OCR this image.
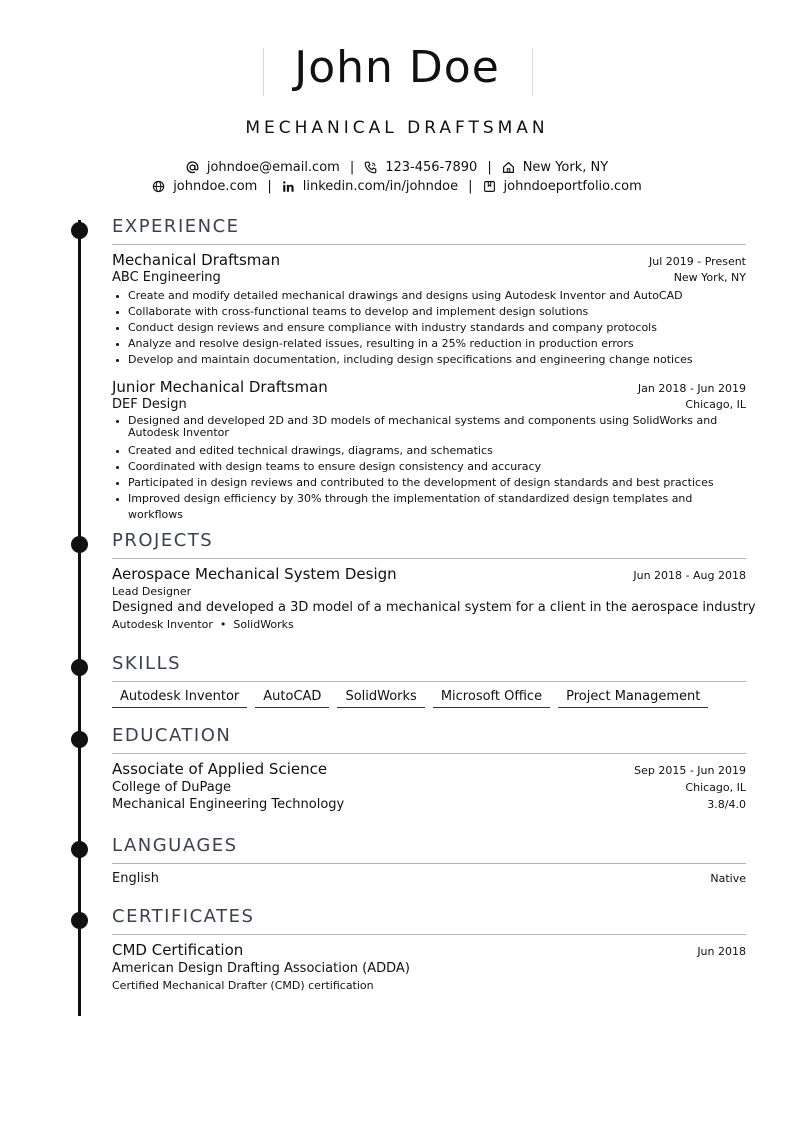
John Doe
MECHANICAL DRAFTSMAN
johndoe@email.com | 123-456-7890 | New York, NY
johndoe.com | linkedin.com/in/johndoe | johndoeportfolio.com
EXPERIENCE
Mechanical Draftsman	Jul 2019 - Present
ABC Engineering	New York, NY
• Create and modify detailed mechanical drawings and designs using Autodesk Inventor and AutoCAD
• Collaborate with cross-functional teams to develop and implement design solutions
• Conduct design reviews and ensure compliance with industry standards and company protocols
• Analyze and resolve design-related issues, resulting in a 25% reduction in production errors
• Develop and maintain documentation, including design specifications and engineering change notices
Junior Mechanical Draftsman	Jan 2018 - Jun 2019
DEF Design	Chicago, IL
• Designed and developed 2D and 3D models of mechanical systems and components using SolidWorks and Autodesk Inventor
• Created and edited technical drawings, diagrams, and schematics
• Coordinated with design teams to ensure design consistency and accuracy
• Participated in design reviews and contributed to the development of design standards and best practices
• Improved design efficiency by 30% through the implementation of standardized design templates and workflows
PROJECTS
Aerospace Mechanical System Design	Jun 2018 - Aug 2018
Lead Designer
Designed and developed a 3D model of a mechanical system for a client in the aerospace industry
Autodesk Inventor  •  SolidWorks
SKILLS
Autodesk Inventor	AutoCAD	SolidWorks	Microsoft Office	Project Management
EDUCATION
Associate of Applied Science	Sep 2015 - Jun 2019
College of DuPage	Chicago, IL
Mechanical Engineering Technology	3.8/4.0
LANGUAGES
English	Native
CERTIFICATES
CMD Certification	Jun 2018
American Design Drafting Association (ADDA)
Certified Mechanical Drafter (CMD) certification
